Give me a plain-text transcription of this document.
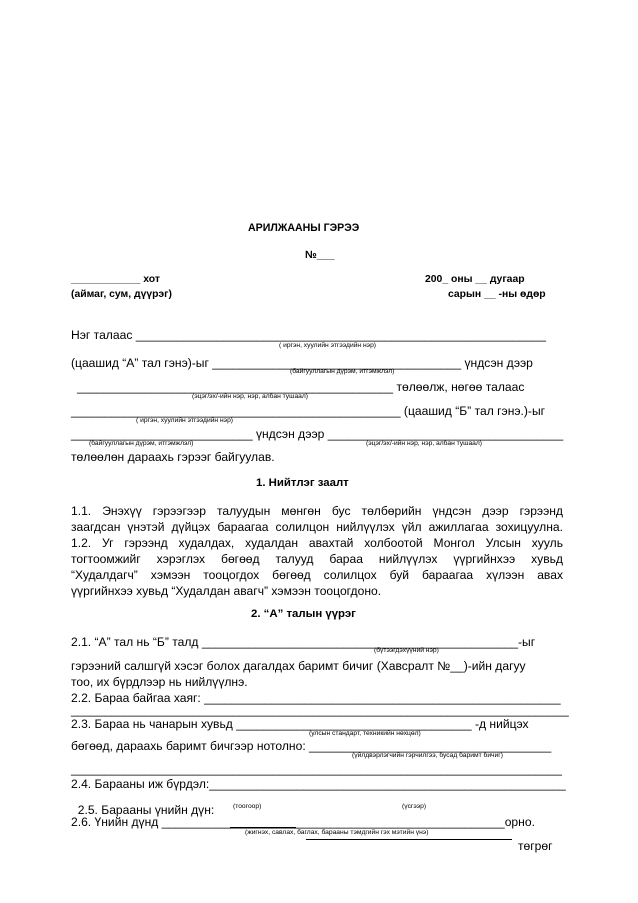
АРИЛЖААНЫ ГЭРЭЭ
№___
____________ хот
(аймаг, сум, дүүрэг)
200_ оны __ дугаар
сарын __ -ны өдөр
Нэг талаас _____________________________________________________________
( иргэн, хуулийн этгээдийн нэр)
(цаашид “А” тал гэнэ)-ыг _____________________________________ үндсэн дээр
(байгууллагын дүрэм, итгэмжлэл)
_______________________________________________ төлөөлж, нөгөө талаас
(эцэг/эх/-ийн нэр, нэр, албан тушаал)
_________________________________________________ (цаашид “Б” тал гэнэ.)-ыг
( иргэн, хуулийн этгээдийн нэр)
___________________________ үндсэн дээр ___________________________________
(байгууллагын дүрэм, итгэмжлэл)	(эцэг/эх/-ийн нэр, нэр, албан тушаал)
төлөөлөн дараахь гэрээг байгуулав.
1. Нийтлэг заалт
1.1. Энэхүү гэрээгээр талуудын мөнгөн бус төлбөрийн үндсэн дээр гэрээнд
заагдсан үнэтэй дүйцэх бараагаа солилцон нийлүүлэх үйл ажиллагаа зохицуулна.
1.2. Уг гэрээнд худалдах, худалдан авахтай холбоотой Монгол Улсын хууль
тогтоомжийг хэрэглэх бөгөөд талууд бараа нийлүүлэх үүргийнхээ хувьд
“Худалдагч” хэмээн тооцогдох бөгөөд солилцох буй бараагаа хүлээн авах
үүргийнхээ хувьд “Худалдан авагч” хэмээн тооцогдоно.
2. “А” талын үүрэг
2.1. “А” тал нь “Б” талд _______________________________________________-ыг
(бүтээгдэхүүний нэр)
гэрээний салшгүй хэсэг болох дагалдах баримт бичиг (Хавсралт №__)-ийн дагуу
тоо, их бүрдлээр нь нийлүүлнэ.
2.2. Бараа байгаа хаяг: _____________________________________________________
__________________________________________________________________________
2.3. Бараа нь чанарын хувьд ___________________________________ -д нийцэх
(улсын стандарт, техникийн нөхцөл)
бөгөөд, дараахь баримт бичгээр нотолно: ____________________________________
(үйлдвэрлэгчийн гэрчилгээ, бусад баримт бичиг)
_________________________________________________________________________
2.4. Барааны иж бүрдэл:_____________________________________________________

2.5. Барааны үнийн дүн:

төгрөг

(тоогоор)	(үсгээр)
2.6. Үнийн дүнд ___________________________________________________орно.
(жигнэх, савлах, баглах, барааны тэмдгийн гэх мэтийн үнэ)
